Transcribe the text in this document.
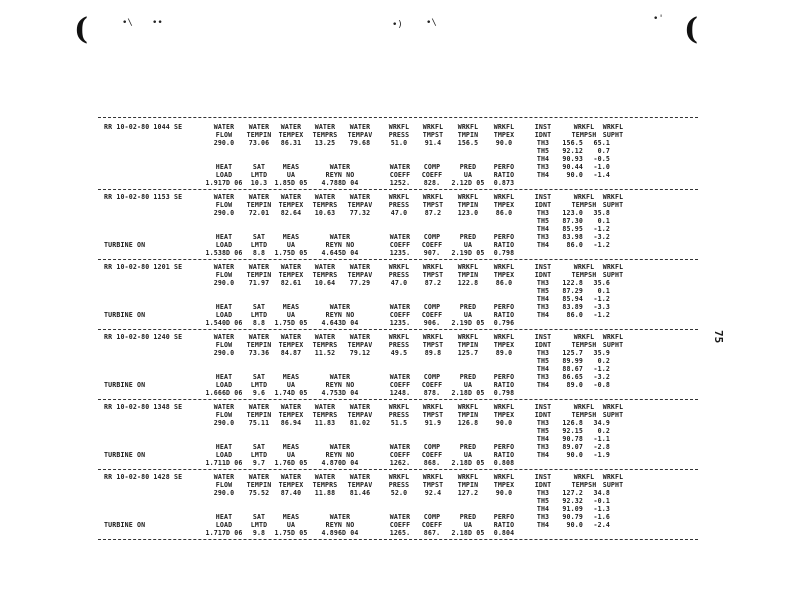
(	(
•\ ••	•)	•\	•'
75
RR 10-02-80 1044 SE	WATER WATER WATER WATER WATER	WRKFL WRKFL WRKFL WRKFL
FLOW TEMPIN TEMPEX TEMPRS TEMPAV PRESS TMPST TMPIN TMPEX
290.0 73.06 86.31 13.25 79.68	51.0	91.4 156.5	90.0
HEAT	SAT	MEAS	WATER	WATER COMP	PRED	PERFO
LOAD	LMTD	UA	REYN NO	COEFF COEFF	UA	RATIO
1.917D 06 10.3 1.85D 05 4.788D 04	1252. 828. 2.12D 05 0.873
INST	WRKFL WRKFL
IDNT	TEMPSH SUPHT
TH3 156.5 65.1
TH5 92.12 0.7
TH4 90.93 -0.5
TH3 90.44 -1.0
TH4	90.0 -1.4
RR 10-02-80 1153 SE
TURBINE ON
WATER WATER WATER WATER WATER	WRKFL WRKFL WRKFL WRKFL
FLOW TEMPIN TEMPEX TEMPRS TEMPAV PRESS TMPST TMPIN TMPEX
290.0 72.01 82.64 10.63 77.32	47.0	87.2 123.0	86.0
HEAT	SAT	MEAS	WATER	WATER COMP	PRED	PERFO
LOAD	LMTD	UA	REYN NO	COEFF COEFF	UA	RATIO
1.538D 06 8.8 1.75D 05 4.645D 04	1235. 907. 2.19D 05 0.798
INST	WRKFL WRKFL
IDNT	TEMPSH SUPHT
TH3 123.0 35.8
TH5 87.30 0.1
TH4 85.95 -1.2
TH3 83.98 -3.2
TH4	86.0 -1.2
RR 10-02-80 1201 SE
TURBINE ON
WATER WATER WATER WATER WATER	WRKFL WRKFL WRKFL WRKFL
FLOW TEMPIN TEMPEX TEMPRS TEMPAV PRESS TMPST TMPIN TMPEX
290.0 71.97 82.61 10.64 77.29	47.0	87.2 122.8	86.0
HEAT	SAT	MEAS	WATER	WATER COMP	PRED	PERFO
LOAD	LMTD	UA	REYN NO	COEFF COEFF	UA	RATIO
1.540D 06 8.8 1.75D 05 4.643D 04	1235. 906. 2.19D 05 0.796
INST	WRKFL WRKFL
IDNT	TEMPSH SUPHT
TH3 122.8 35.6
TH5 87.29 0.1
TH4 85.94 -1.2
TH3 83.89 -3.3
TH4	86.0 -1.2
RR 10-02-80 1240 SE
TURBINE ON
WATER WATER WATER WATER WATER	WRKFL WRKFL WRKFL WRKFL
FLOW TEMPIN TEMPEX TEMPRS TEMPAV PRESS TMPST TMPIN TMPEX
290.0 73.36 84.87 11.52 79.12	49.5	89.8 125.7	89.0
HEAT	SAT	MEAS	WATER	WATER COMP	PRED	PERFO
LOAD	LMTD	UA	REYN NO	COEFF COEFF	UA	RATIO
1.666D 06 9.6 1.74D 05 4.753D 04	1248. 878. 2.18D 05 0.798
INST	WRKFL WRKFL
IDNT	TEMPSH SUPHT
TH3 125.7 35.9
TH5 89.99 0.2
TH4 88.67 -1.2
TH3 86.65 -3.2
TH4	89.0 -0.8
RR 10-02-80 1348 SE
TURBINE ON
WATER WATER WATER WATER WATER	WRKFL WRKFL WRKFL WRKFL
FLOW TEMPIN TEMPEX TEMPRS TEMPAV PRESS TMPST TMPIN TMPEX
290.0 75.11 86.94 11.83 81.02	51.5	91.9 126.8	90.0
HEAT	SAT	MEAS	WATER	WATER COMP	PRED	PERFO
LOAD	LMTD	UA	REYN NO	COEFF COEFF	UA	RATIO
1.711D 06 9.7 1.76D 05 4.870D 04	1262. 868. 2.18D 05 0.808
INST	WRKFL WRKFL
IDNT	TEMPSH SUPHT
TH3 126.8 34.9
TH5 92.15 0.2
TH4 90.78 -1.1
TH3 89.07 -2.8
TH4	90.0 -1.9
RR 10-02-80 1428 SE
TURBINE ON
WATER WATER WATER WATER WATER	WRKFL WRKFL WRKFL WRKFL
FLOW TEMPIN TEMPEX TEMPRS TEMPAV PRESS TMPST TMPIN TMPEX
290.0 75.52 87.40 11.88 81.46	52.0	92.4 127.2	90.0
HEAT	SAT	MEAS	WATER	WATER COMP	PRED	PERFO
LOAD	LMTD	UA	REYN NO	COEFF COEFF	UA	RATIO
1.717D 06 9.8 1.75D 05 4.896D 04	1265. 867. 2.18D 05 0.804
INST	WRKFL WRKFL
IDNT	TEMPSH SUPHT
TH3 127.2 34.8
TH5 92.32 -0.1
TH4 91.09 -1.3
TH3 90.79 -1.6
TH4	90.0 -2.4
